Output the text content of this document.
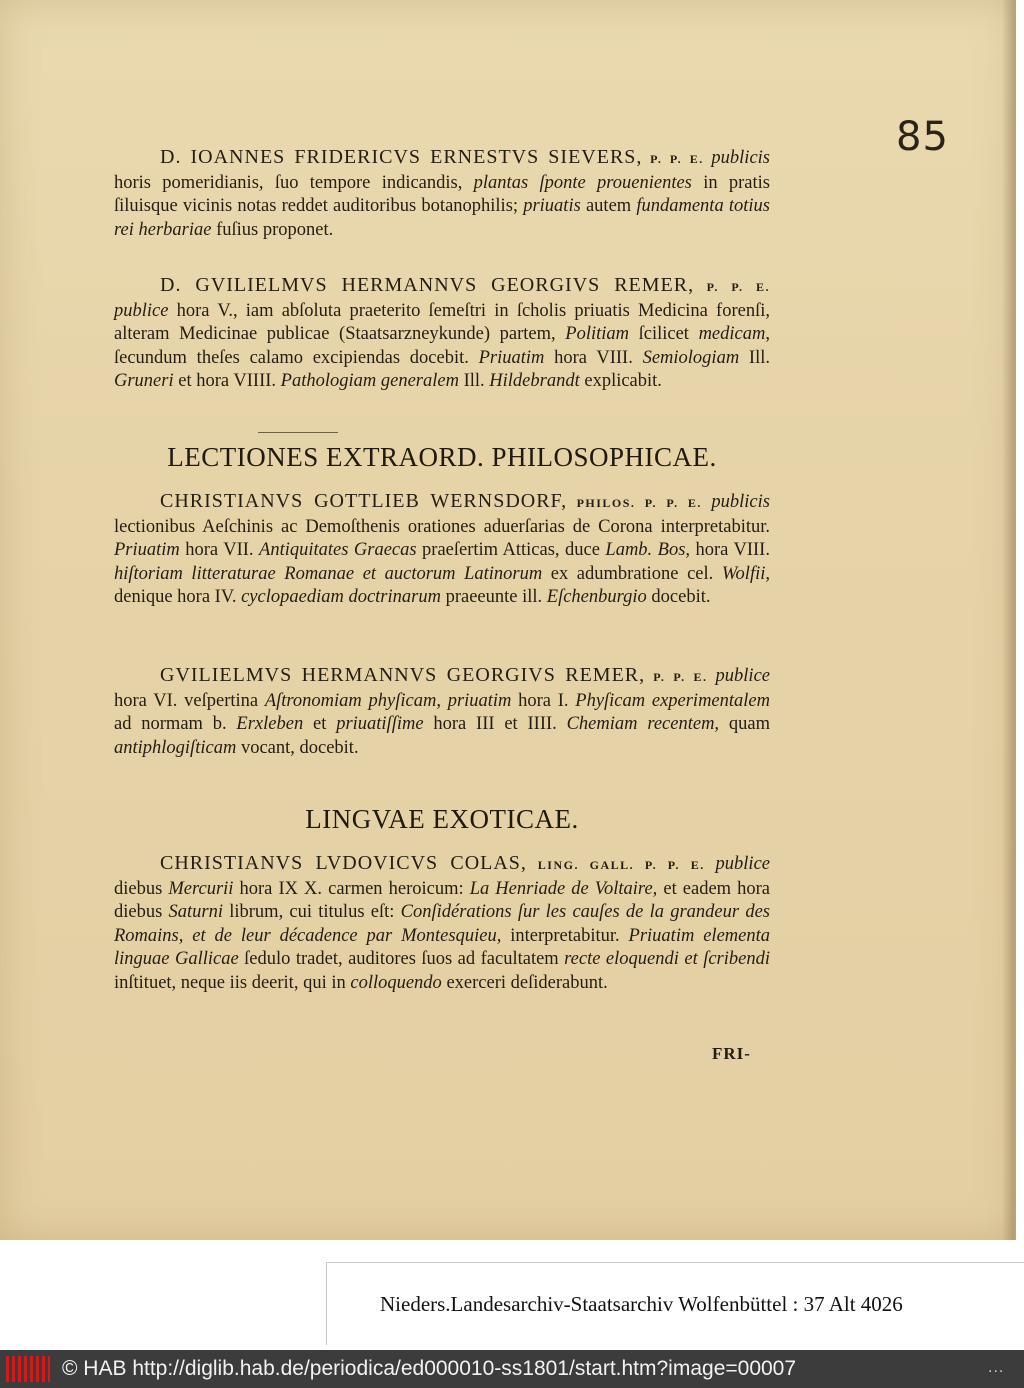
85

D. IOANNES FRIDERICVS ERNESTVS SIEVERS, P. P. E. publicis horis pomeridianis, ſuo tempore indicandis, plantas ſponte prouenientes in pratis ſiluisque vicinis notas reddet auditoribus botanophilis; priuatis autem fundamenta totius rei herbariae fuſius proponet.

D. GVILIELMVS HERMANNVS GEORGIVS REMER, P. P. E. publice hora V., iam abſoluta praeterito ſemeſtri in ſcholis priuatis Medicina forenſi, alteram Medicinae publicae (Staatsarzneykunde) partem, Politiam ſcilicet medicam, ſecundum theſes calamo excipiendas docebit. Priuatim hora VIII. Semiologiam Ill. Gruneri et hora VIIII. Pathologiam generalem Ill. Hildebrandt explicabit.

LECTIONES EXTRAORD. PHILOSOPHICAE.

CHRISTIANVS GOTTLIEB WERNSDORF, PHILOS. P. P. E. publicis lectionibus Aeſchinis ac Demoſthenis orationes aduerſarias de Corona interpretabitur. Priuatim hora VII. Antiquitates Graecas praeſertim Atticas, duce Lamb. Bos, hora VIII. hiſtoriam litteraturae Romanae et auctorum Latinorum ex adumbratione cel. Wolfii, denique hora IV. cyclopaediam doctrinarum praeeunte ill. Eſchenburgio docebit.

GVILIELMVS HERMANNVS GEORGIVS REMER, P. P. E. publice hora VI. veſpertina Aſtronomiam phyſicam, priuatim hora I. Phyſicam experimentalem ad normam b. Erxleben et priuatiſſime hora III et IIII. Chemiam recentem, quam antiphlogiſticam vocant, docebit.

LINGVAE EXOTICAE.

CHRISTIANVS LVDOVICVS COLAS, LING. GALL. P. P. E. publice diebus Mercurii hora IX X. carmen heroicum: La Henriade de Voltaire, et eadem hora diebus Saturni librum, cui titulus eſt: Conſidérations ſur les cauſes de la grandeur des Romains, et de leur décadence par Montesquieu, interpretabitur. Priuatim elementa linguae Gallicae ſedulo tradet, auditores ſuos ad facultatem recte eloquendi et ſcribendi inſtituet, neque iis deerit, qui in colloquendo exerceri deſiderabunt.

FRI-
Nieders.Landesarchiv-Staatsarchiv Wolfenbüttel : 37 Alt 4026
© HAB http://diglib.hab.de/periodica/ed000010-ss1801/start.htm?image=00007	...
